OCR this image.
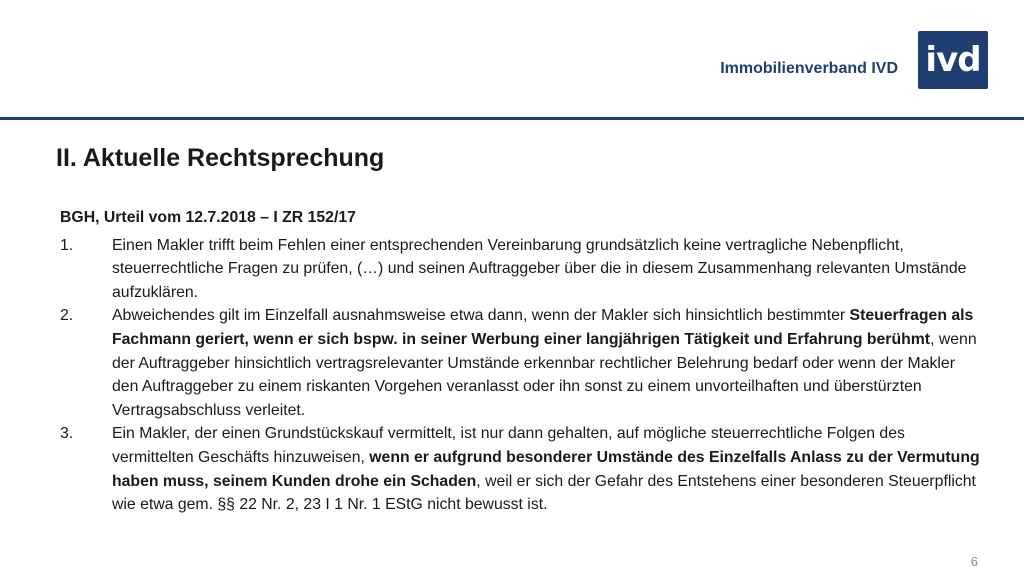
Immobilienverband IVD ivd
II. Aktuelle Rechtsprechung
BGH, Urteil vom 12.7.2018 – I ZR 152/17
1.	Einen Makler trifft beim Fehlen einer entsprechenden Vereinbarung grundsätzlich keine vertragliche Nebenpflicht, steuerrechtliche Fragen zu prüfen, (…) und seinen Auftraggeber über die in diesem Zusammenhang relevanten Umstände aufzuklären.
2.	Abweichendes gilt im Einzelfall ausnahmsweise etwa dann, wenn der Makler sich hinsichtlich bestimmter Steuerfragen als Fachmann geriert, wenn er sich bspw. in seiner Werbung einer langjährigen Tätigkeit und Erfahrung berühmt, wenn der Auftraggeber hinsichtlich vertragsrelevanter Umstände erkennbar rechtlicher Belehrung bedarf oder wenn der Makler den Auftraggeber zu einem riskanten Vorgehen veranlasst oder ihn sonst zu einem unvorteilhaften und überstürzten Vertragsabschluss verleitet.
3.	Ein Makler, der einen Grundstückskauf vermittelt, ist nur dann gehalten, auf mögliche steuerrechtliche Folgen des vermittelten Geschäfts hinzuweisen, wenn er aufgrund besonderer Umstände des Einzelfalls Anlass zu der Vermutung haben muss, seinem Kunden drohe ein Schaden, weil er sich der Gefahr des Entstehens einer besonderen Steuerpflicht wie etwa gem. §§ 22 Nr. 2, 23 I 1 Nr. 1 EStG nicht bewusst ist.
6
